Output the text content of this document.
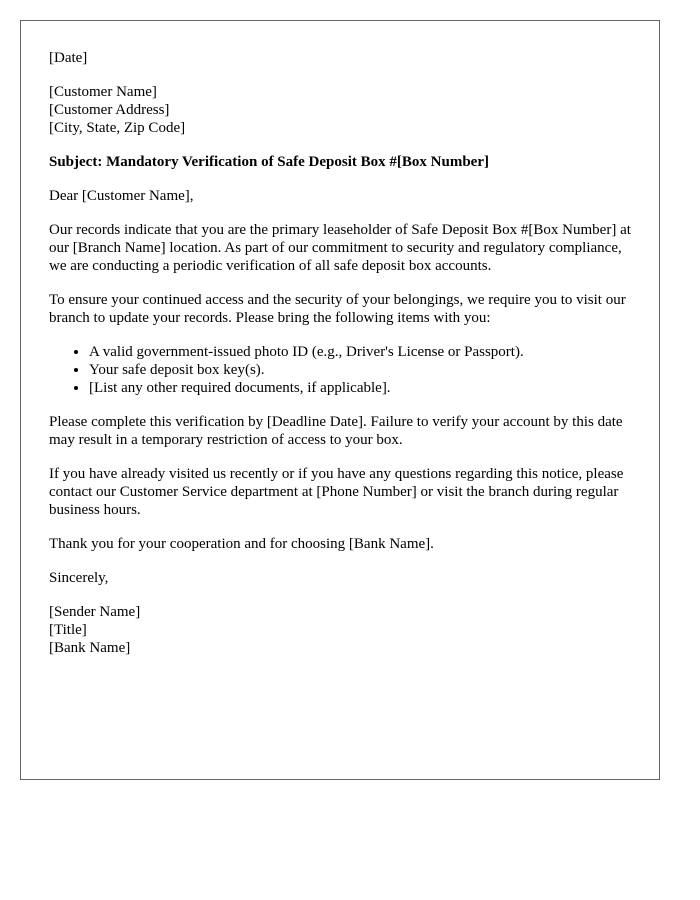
[Date]
[Customer Name]
[Customer Address]
[City, State, Zip Code]
Subject: Mandatory Verification of Safe Deposit Box #[Box Number]

Dear [Customer Name],

Our records indicate that you are the primary leaseholder of Safe Deposit Box #[Box Number] at our [Branch Name] location. As part of our commitment to security and regulatory compliance, we are conducting a periodic verification of all safe deposit box accounts.

To ensure your continued access and the security of your belongings, we require you to visit our branch to update your records. Please bring the following items with you:

• A valid government-issued photo ID (e.g., Driver's License or Passport).
• Your safe deposit box key(s).
• [List any other required documents, if applicable].

Please complete this verification by [Deadline Date]. Failure to verify your account by this date may result in a temporary restriction of access to your box.

If you have already visited us recently or if you have any questions regarding this notice, please contact our Customer Service department at [Phone Number] or visit the branch during regular business hours.

Thank you for your cooperation and for choosing [Bank Name].

Sincerely,

[Sender Name]
[Title]
[Bank Name]
